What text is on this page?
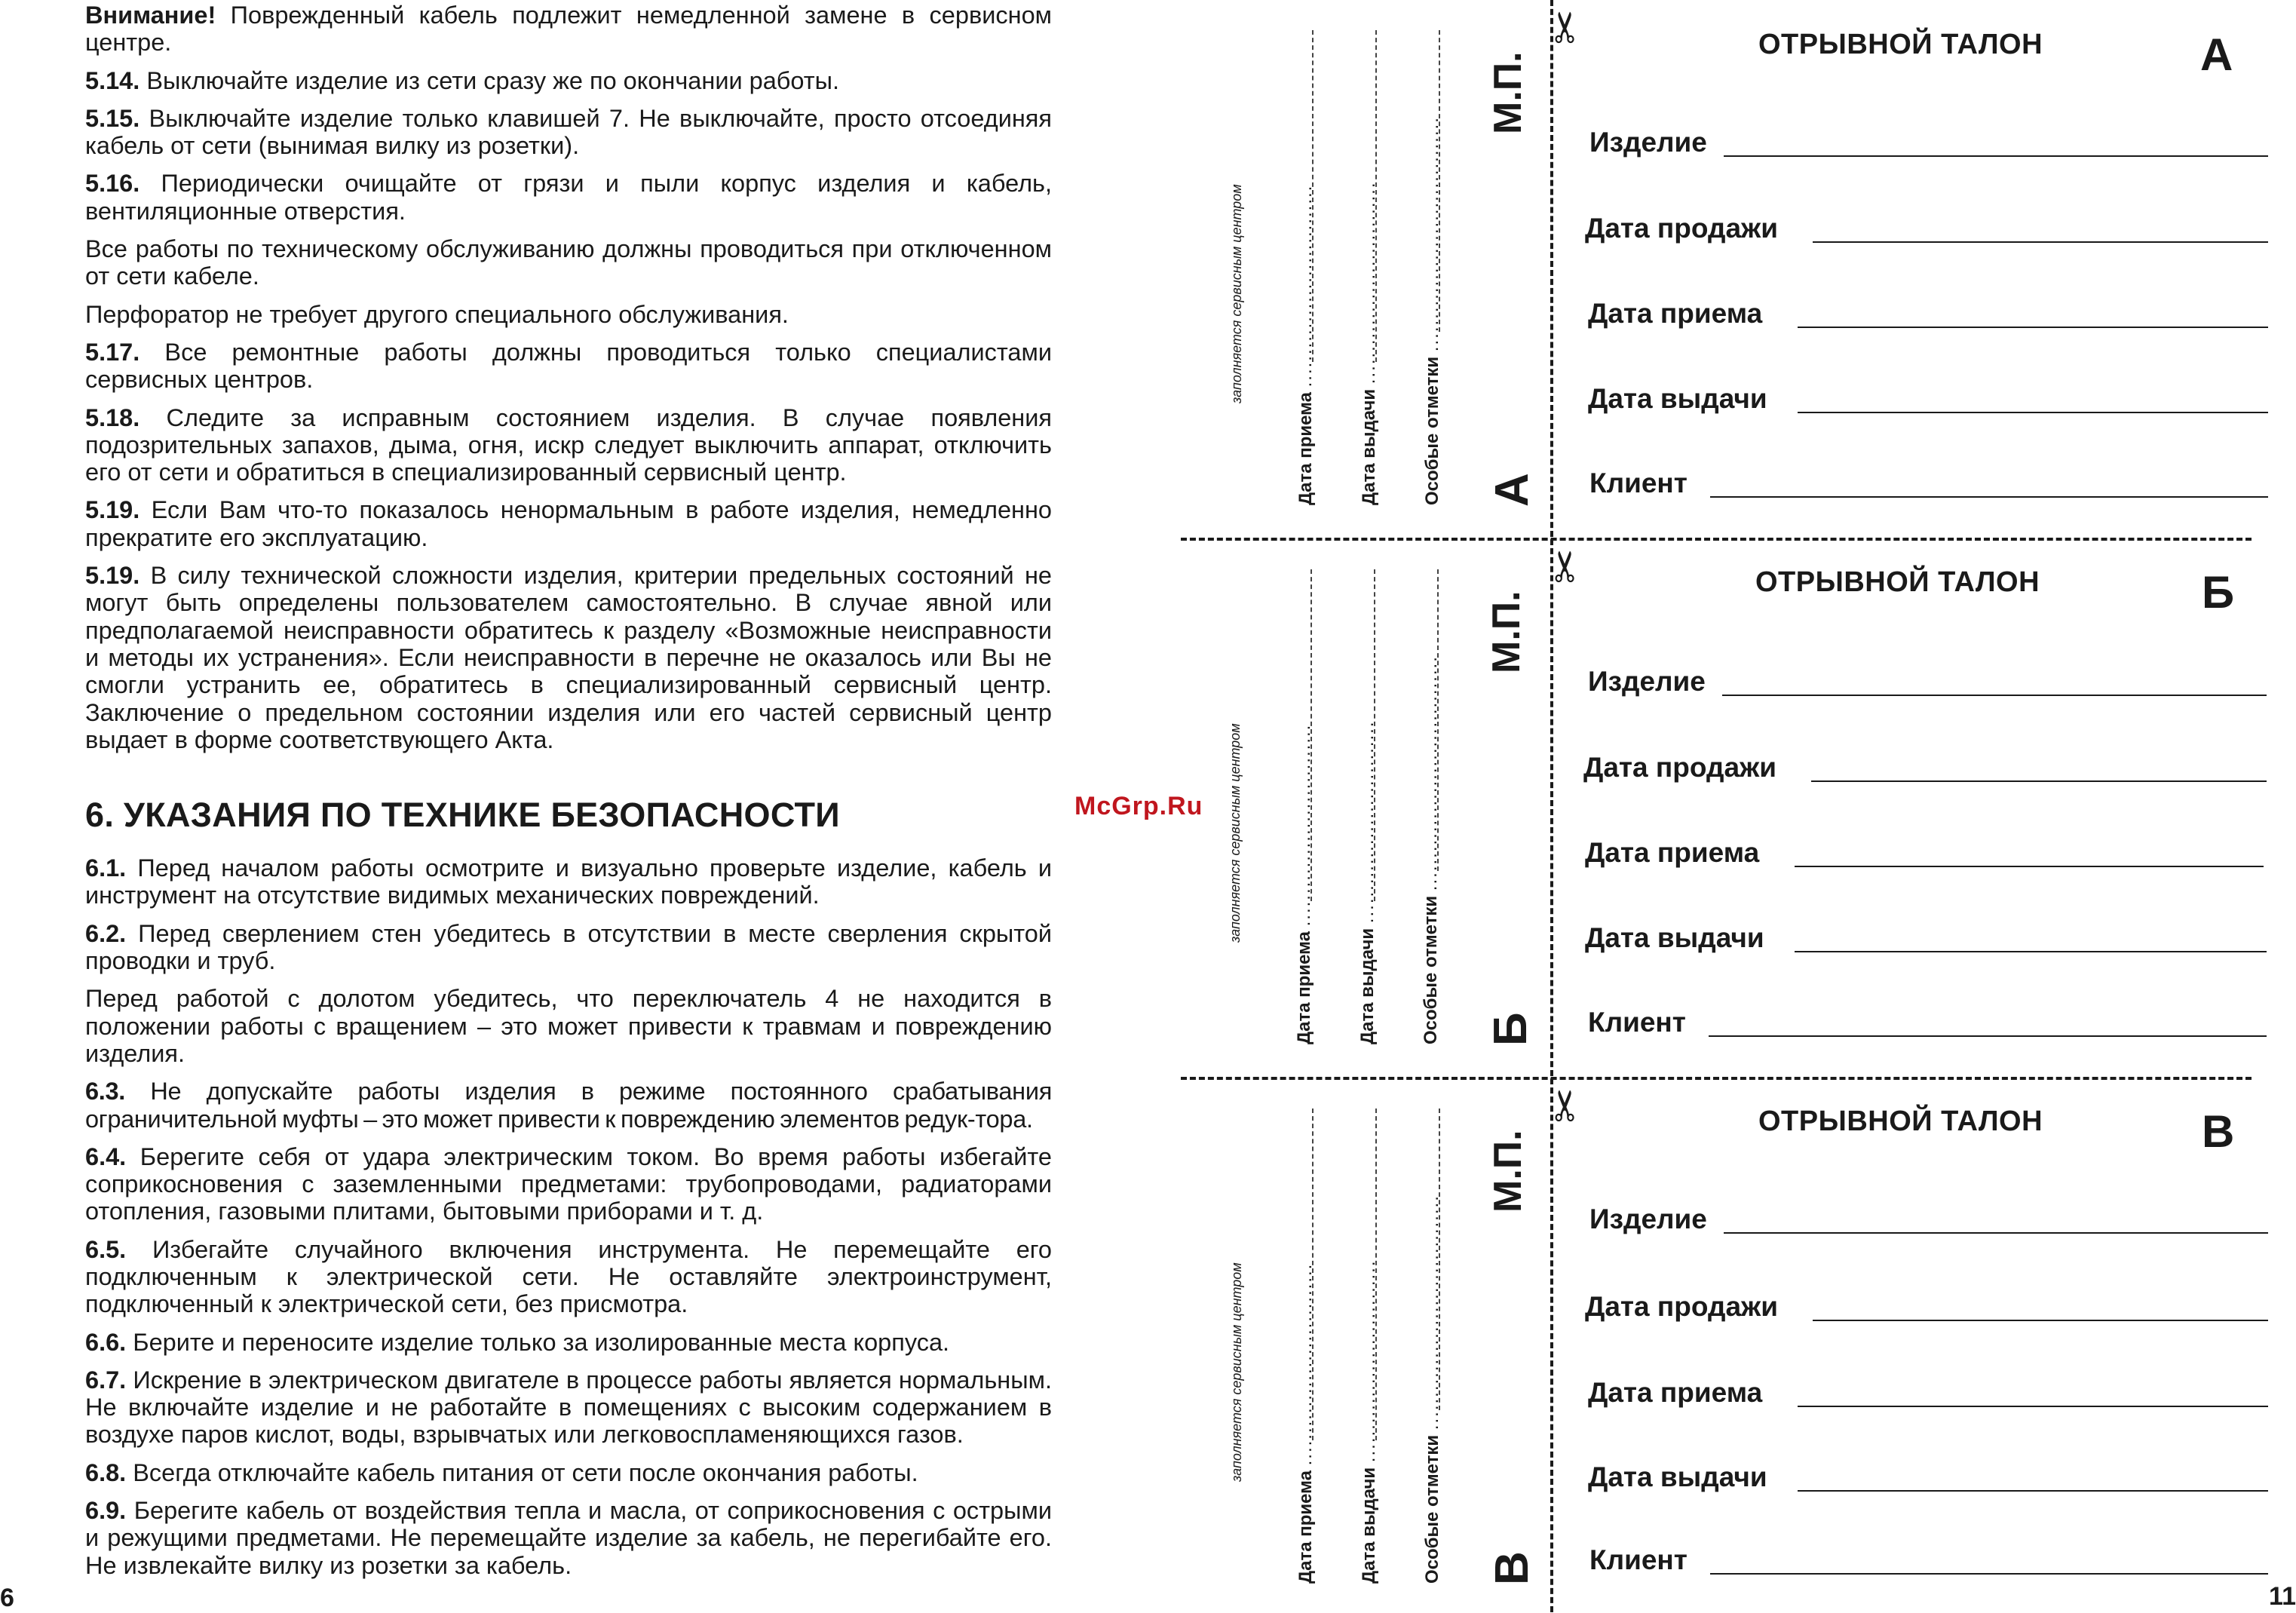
Внимание! Поврежденный кабель подлежит немедленной замене в сервисном центре.

5.14. Выключайте изделие из сети сразу же по окончании работы.

5.15. Выключайте изделие только клавишей 7. Не выключайте, просто отсоединяя кабель от сети (вынимая вилку из розетки).

5.16. Периодически очищайте от грязи и пыли корпус изделия и кабель, вентиляционные отверстия.

Все работы по техническому обслуживанию должны проводиться при отключенном от сети кабеле.

Перфоратор не требует другого специального обслуживания.

5.17. Все ремонтные работы должны проводиться только специалистами сервисных центров.

5.18. Следите за исправным состоянием изделия. В случае появления подозрительных запахов, дыма, огня, искр следует выключить аппарат, отключить его от сети и обратиться в специализированный сервисный центр.

5.19. Если Вам что-то показалось ненормальным в работе изделия, немедленно прекратите его эксплуатацию.

5.19. В силу технической сложности изделия, критерии предельных состояний не могут быть определены пользователем самостоятельно. В случае явной или предполагаемой неисправности обратитесь к разделу «Возможные неисправности и методы их устранения». Если неисправности в перечне не оказалось или Вы не смогли устранить ее, обратитесь в специализированный сервисный центр. Заключение о предельном состоянии изделия или его частей сервисный центр выдает в форме соответствующего Акта.

6. УКАЗАНИЯ ПО ТЕХНИКЕ БЕЗОПАСНОСТИ

6.1. Перед началом работы осмотрите и визуально проверьте изделие, кабель и инструмент на отсутствие видимых механических повреждений.

6.2. Перед сверлением стен убедитесь в отсутствии в месте сверления скрытой проводки и труб.

Перед работой с долотом убедитесь, что переключатель 4 не находится в положении работы с вращением – это может привести к травмам и повреждению изделия.

6.3. Не допускайте работы изделия в режиме постоянного срабатывания ограничительной муфты – это может привести к повреждению элементов редук-тора.

6.4. Берегите себя от удара электрическим током. Во время работы избегайте соприкосновения с заземленными предметами: трубопроводами, радиаторами отопления, газовыми плитами, бытовыми приборами и т. д.

6.5. Избегайте случайного включения инструмента. Не перемещайте его подключенным к электрической сети. Не оставляйте электроинструмент, подключенный к электрической сети, без присмотра.

6.6. Берите и переносите изделие только за изолированные места корпуса.

6.7. Искрение в электрическом двигателе в процессе работы является нормальным. Не включайте изделие и не работайте в помещениях с высоким содержанием в воздухе паров кислот, воды, взрывчатых или легковоспламеняющихся газов.

6.8. Всегда отключайте кабель питания от сети после окончания работы.

6.9. Берегите кабель от воздействия тепла и масла, от соприкосновения с острыми и режущими предметами. Не перемещайте изделие за кабель, не перегибайте его. Не извлекайте вилку из розетки за кабель.

6
McGrp.Ru
заполняется сервисным центром
Дата приема ...............................
Дата выдачи ...............................
Особые отметки ....................................
М.П.
А
✂	ОТРЫВНОЙ ТАЛОН	А
Изделие
Дата продажи
Дата приема
Дата выдачи
Клиент
заполняется сервисным центром
Дата приема ...............................
Дата выдачи ...............................
Особые отметки ....................................
М.П.
Б
✂	ОТРЫВНОЙ ТАЛОН	Б
Изделие
Дата продажи
Дата приема
Дата выдачи
Клиент
заполняется сервисным центром
Дата приема ...............................
Дата выдачи ...............................
Особые отметки ....................................
М.П.
В
✂	ОТРЫВНОЙ ТАЛОН	В
Изделие
Дата продажи
Дата приема
Дата выдачи
Клиент
11
